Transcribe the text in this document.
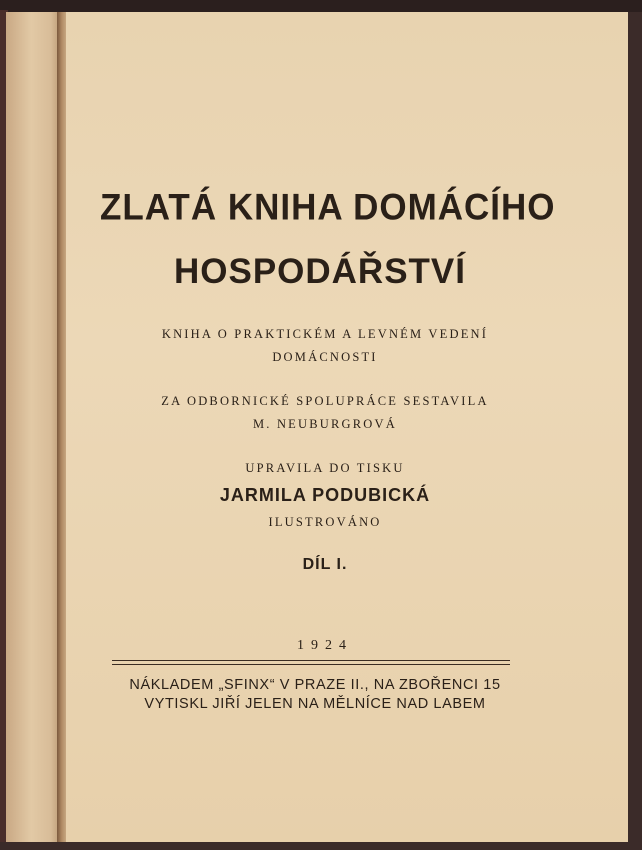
ZLATÁ KNIHA DOMÁCÍHO
HOSPODÁŘSTVÍ
KNIHA O PRAKTICKÉM A LEVNÉM VEDENÍ
DOMÁCNOSTI
ZA ODBORNICKÉ SPOLUPRÁCE SESTAVILA
M. NEUBURGROVÁ
UPRAVILA DO TISKU
JARMILA PODUBICKÁ
ILUSTROVÁNO
DÍL I.
1924
NÁKLADEM „SFINX“ V PRAZE II., NA ZBOŘENCI 15
VYTISKL JIŘÍ JELEN NA MĚLNÍCE NAD LABEM
